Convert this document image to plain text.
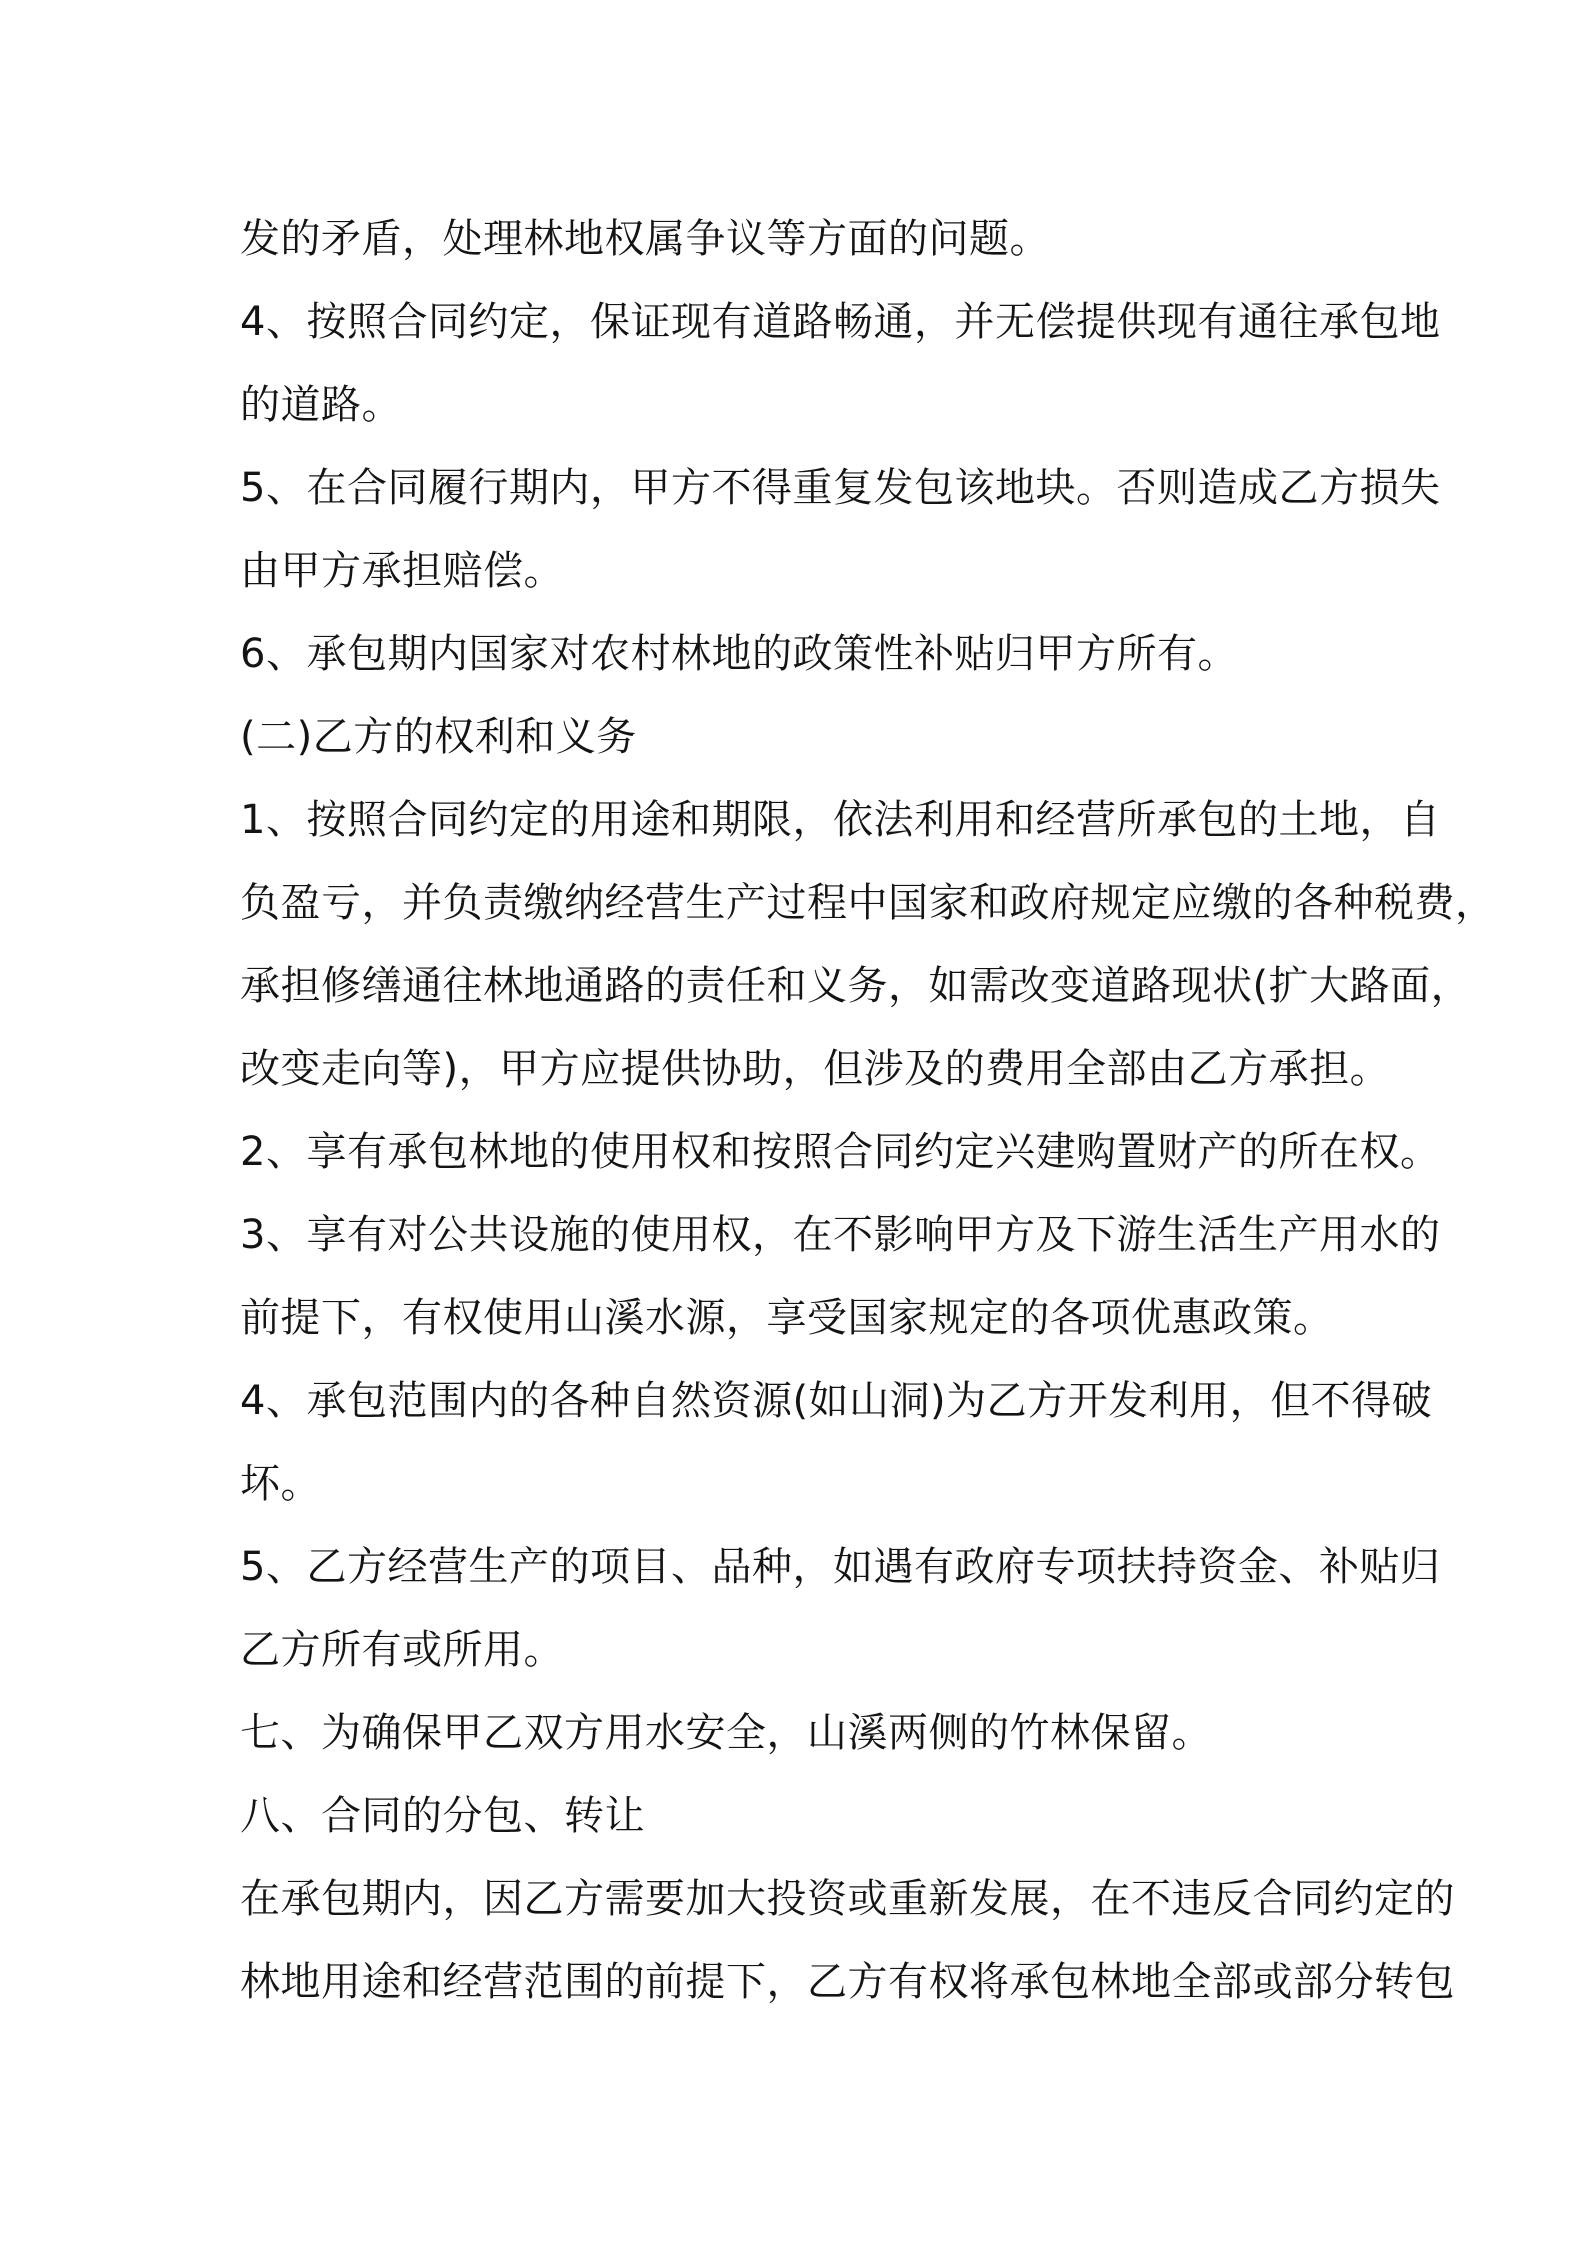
发的矛盾，处理林地权属争议等方面的问题。
4、按照合同约定，保证现有道路畅通，并无偿提供现有通往承包地
的道路。
5、在合同履行期内，甲方不得重复发包该地块。否则造成乙方损失
由甲方承担赔偿。
6、承包期内国家对农村林地的政策性补贴归甲方所有。
(二)乙方的权利和义务
1、按照合同约定的用途和期限，依法利用和经营所承包的土地，自
负盈亏，并负责缴纳经营生产过程中国家和政府规定应缴的各种税费，
承担修缮通往林地通路的责任和义务，如需改变道路现状(扩大路面，
改变走向等)，甲方应提供协助，但涉及的费用全部由乙方承担。
2、享有承包林地的使用权和按照合同约定兴建购置财产的所在权。
3、享有对公共设施的使用权，在不影响甲方及下游生活生产用水的
前提下，有权使用山溪水源，享受国家规定的各项优惠政策。
4、承包范围内的各种自然资源(如山洞)为乙方开发利用，但不得破
坏。
5、乙方经营生产的项目、品种，如遇有政府专项扶持资金、补贴归
乙方所有或所用。
七、为确保甲乙双方用水安全，山溪两侧的竹林保留。
八、合同的分包、转让
在承包期内，因乙方需要加大投资或重新发展，在不违反合同约定的
林地用途和经营范围的前提下，乙方有权将承包林地全部或部分转包
